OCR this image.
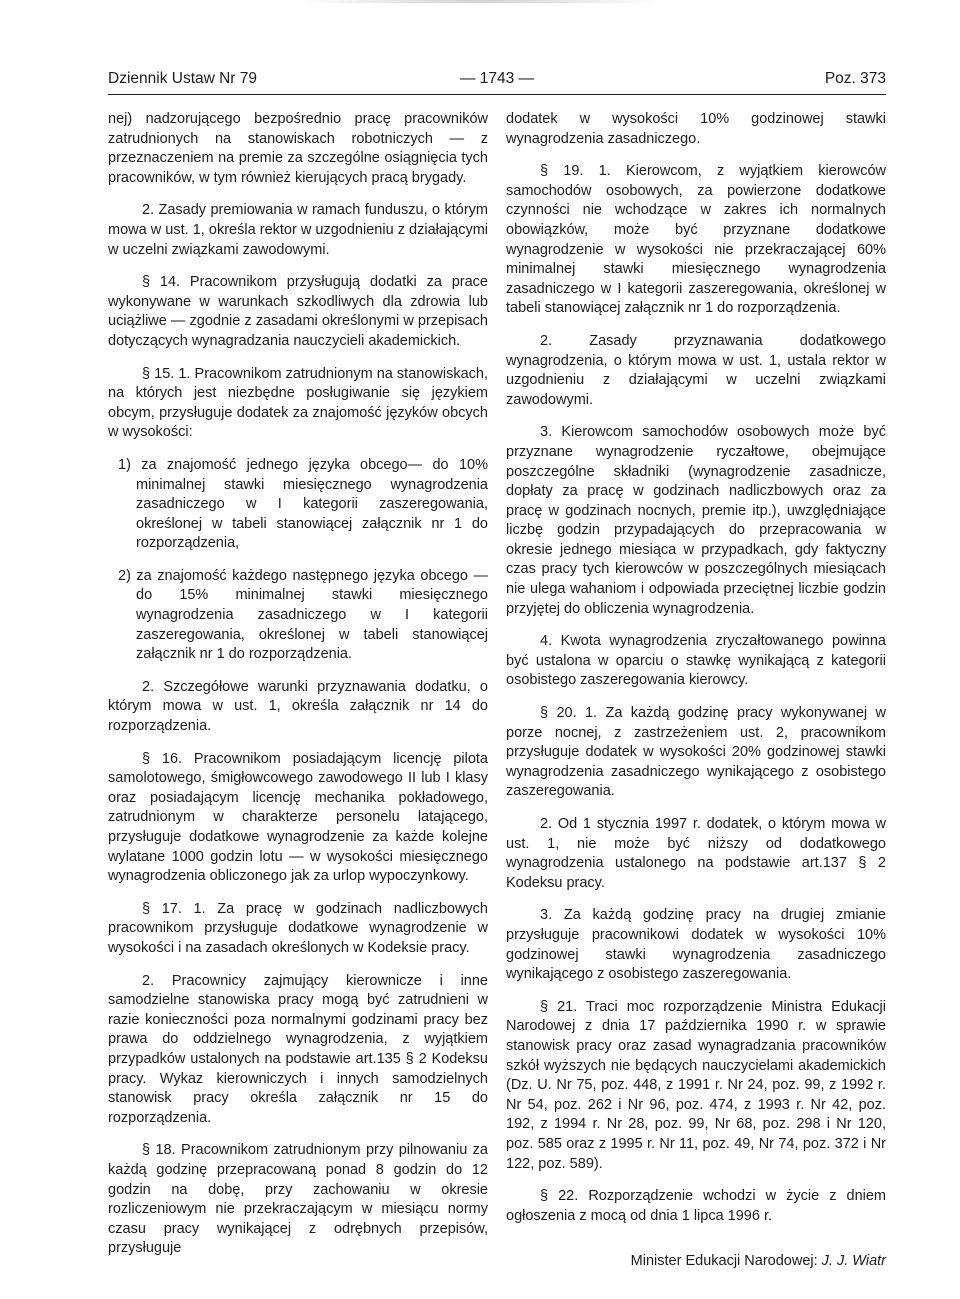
Dziennik Ustaw Nr 79	— 1743 —	Poz. 373

nej) nadzorującego bezpośrednio pracę pracowników zatrudnionych na stanowiskach robotniczych — z przeznaczeniem na premie za szczególne osiągnięcia tych pracowników, w tym również kierujących pracą brygady.

2. Zasady premiowania w ramach funduszu, o którym mowa w ust. 1, określa rektor w uzgodnieniu z działającymi w uczelni związkami zawodowymi.

§ 14. Pracownikom przysługują dodatki za prace wykonywane w warunkach szkodliwych dla zdrowia lub uciążliwe — zgodnie z zasadami określonymi w przepisach dotyczących wynagradzania nauczycieli akademickich.

§ 15. 1. Pracownikom zatrudnionym na stanowiskach, na których jest niezbędne posługiwanie się językiem obcym, przysługuje dodatek za znajomość języków obcych w wysokości:

1) za znajomość jednego języka obcego— do 10% minimalnej stawki miesięcznego wynagrodzenia zasadniczego w I kategorii zaszeregowania, określonej w tabeli stanowiącej załącznik nr 1 do rozporządzenia,

2) za znajomość każdego następnego języka obcego — do 15% minimalnej stawki miesięcznego wynagrodzenia zasadniczego w I kategorii zaszeregowania, określonej w tabeli stanowiącej załącznik nr 1 do rozporządzenia.

2. Szczegółowe warunki przyznawania dodatku, o którym mowa w ust. 1, określa załącznik nr 14 do rozporządzenia.

§ 16. Pracownikom posiadającym licencję pilota samolotowego, śmigłowcowego zawodowego II lub I klasy oraz posiadającym licencję mechanika pokładowego, zatrudnionym w charakterze personelu latającego, przysługuje dodatkowe wynagrodzenie za każde kolejne wylatane 1000 godzin lotu — w wysokości miesięcznego wynagrodzenia obliczonego jak za urlop wypoczynkowy.

§ 17. 1. Za pracę w godzinach nadliczbowych pracownikom przysługuje dodatkowe wynagrodzenie w wysokości i na zasadach określonych w Kodeksie pracy.

2. Pracownicy zajmujący kierownicze i inne samodzielne stanowiska pracy mogą być zatrudnieni w razie konieczności poza normalnymi godzinami pracy bez prawa do oddzielnego wynagrodzenia, z wyjątkiem przypadków ustalonych na podstawie art.135 § 2 Kodeksu pracy. Wykaz kierowniczych i innych samodzielnych stanowisk pracy określa załącznik nr 15 do rozporządzenia.

§ 18. Pracownikom zatrudnionym przy pilnowaniu za każdą godzinę przepracowaną ponad 8 godzin do 12 godzin na dobę, przy zachowaniu w okresie rozliczeniowym nie przekraczającym w miesiącu normy czasu pracy wynikającej z odrębnych przepisów, przysługuje

dodatek w wysokości 10% godzinowej stawki wynagrodzenia zasadniczego.

§ 19. 1. Kierowcom, z wyjątkiem kierowców samochodów osobowych, za powierzone dodatkowe czynności nie wchodzące w zakres ich normalnych obowiązków, może być przyznane dodatkowe wynagrodzenie w wysokości nie przekraczającej 60% minimalnej stawki miesięcznego wynagrodzenia zasadniczego w I kategorii zaszeregowania, określonej w tabeli stanowiącej załącznik nr 1 do rozporządzenia.

2. Zasady przyznawania dodatkowego wynagrodzenia, o którym mowa w ust. 1, ustala rektor w uzgodnieniu z działającymi w uczelni związkami zawodowymi.

3. Kierowcom samochodów osobowych może być przyznane wynagrodzenie ryczałtowe, obejmujące poszczególne składniki (wynagrodzenie zasadnicze, dopłaty za pracę w godzinach nadliczbowych oraz za pracę w godzinach nocnych, premie itp.), uwzględniające liczbę godzin przypadających do przepracowania w okresie jednego miesiąca w przypadkach, gdy faktyczny czas pracy tych kierowców w poszczególnych miesiącach nie ulega wahaniom i odpowiada przeciętnej liczbie godzin przyjętej do obliczenia wynagrodzenia.

4. Kwota wynagrodzenia zryczałtowanego powinna być ustalona w oparciu o stawkę wynikającą z kategorii osobistego zaszeregowania kierowcy.

§ 20. 1. Za każdą godzinę pracy wykonywanej w porze nocnej, z zastrzeżeniem ust. 2, pracownikom przysługuje dodatek w wysokości 20% godzinowej stawki wynagrodzenia zasadniczego wynikającego z osobistego zaszeregowania.

2. Od 1 stycznia 1997 r. dodatek, o którym mowa w ust. 1, nie może być niższy od dodatkowego wynagrodzenia ustalonego na podstawie art.137 § 2 Kodeksu pracy.

3. Za każdą godzinę pracy na drugiej zmianie przysługuje pracownikowi dodatek w wysokości 10% godzinowej stawki wynagrodzenia zasadniczego wynikającego z osobistego zaszeregowania.

§ 21. Traci moc rozporządzenie Ministra Edukacji Narodowej z dnia 17 października 1990 r. w sprawie stanowisk pracy oraz zasad wynagradzania pracowników szkół wyższych nie będących nauczycielami akademickich (Dz. U. Nr 75, poz. 448, z 1991 r. Nr 24, poz. 99, z 1992 r. Nr 54, poz. 262 i Nr 96, poz. 474, z 1993 r. Nr 42, poz. 192, z 1994 r. Nr 28, poz. 99, Nr 68, poz. 298 i Nr 120, poz. 585 oraz z 1995 r. Nr 11, poz. 49, Nr 74, poz. 372 i Nr 122, poz. 589).

§ 22. Rozporządzenie wchodzi w życie z dniem ogłoszenia z mocą od dnia 1 lipca 1996 r.

Minister Edukacji Narodowej: J. J. Wiatr
